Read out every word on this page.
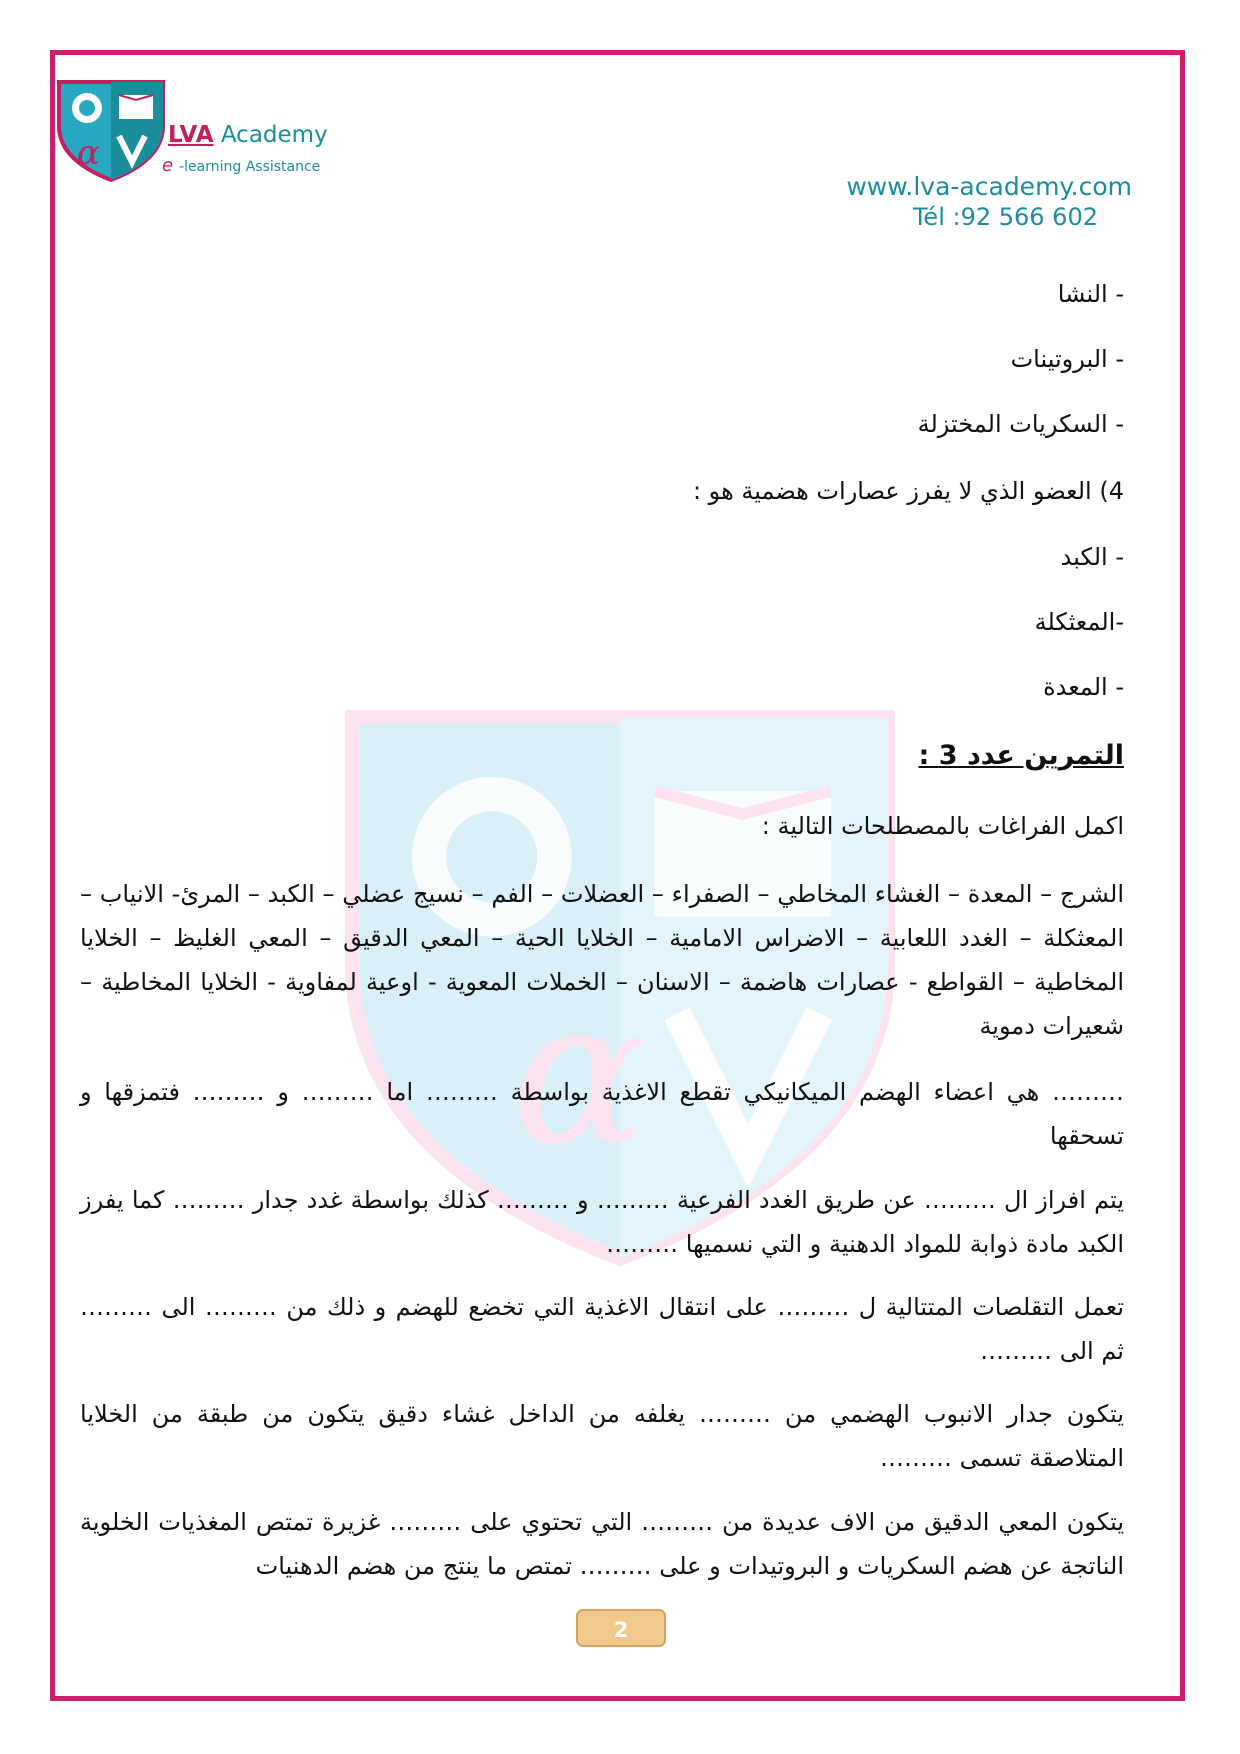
α
α	LVA Academy
e -learning Assistance
www.lva-academy.com
Tél :92 566 602
- النشا
- البروتينات
- السكريات المختزلة
4) العضو الذي لا يفرز عصارات هضمية هو :
- الكبد
-المعثكلة
- المعدة
التمرين عدد 3 :
اكمل الفراغات بالمصطلحات التالية :
الشرج – المعدة – الغشاء المخاطي – الصفراء – العضلات – الفم – نسيج عضلي – الكبد – المرئ- الانياب – المعثكلة – الغدد اللعابية – الاضراس الامامية – الخلايا الحية – المعي الدقيق – المعي الغليظ – الخلايا المخاطية – القواطع - عصارات هاضمة – الاسنان – الخملات المعوية - اوعية لمفاوية - الخلايا المخاطية – شعيرات دموية
……… هي اعضاء الهضم الميكانيكي تقطع الاغذية بواسطة ……… اما ……… و ……… فتمزقها و تسحقها
يتم افراز ال ……… عن طريق الغدد الفرعية ……… و ……… كذلك بواسطة غدد جدار ……… كما يفرز الكبد مادة ذوابة للمواد الدهنية و التي نسميها ………
تعمل التقلصات المتتالية ل ……… على انتقال الاغذية التي تخضع للهضم و ذلك من ……… الى ……… ثم الى ………
يتكون جدار الانبوب الهضمي من ……… يغلفه من الداخل غشاء دقيق يتكون من طبقة من الخلايا المتلاصقة تسمى ………
يتكون المعي الدقيق من الاف عديدة من ……… التي تحتوي على ……… غزيرة تمتص المغذيات الخلوية الناتجة عن هضم السكريات و البروتيدات و على ……… تمتص ما ينتج من هضم الدهنيات
2
